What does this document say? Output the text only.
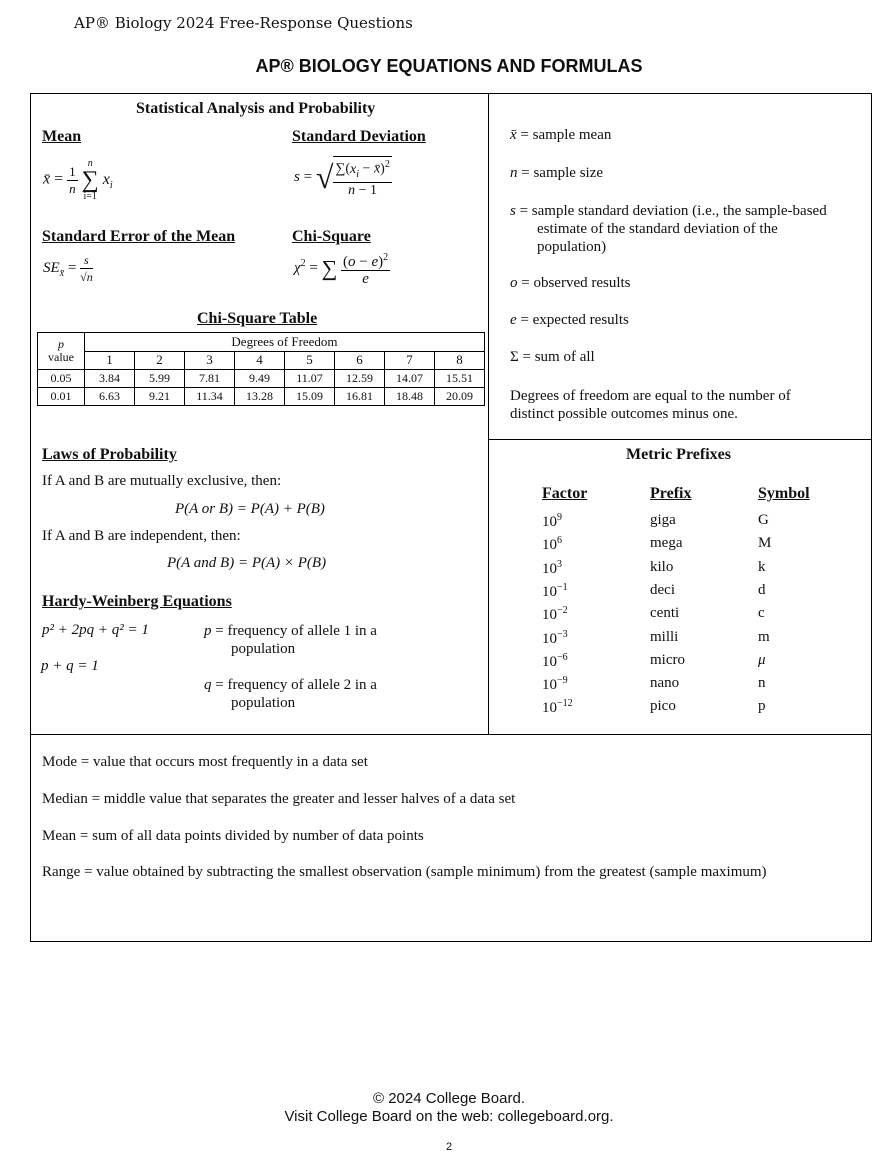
AP® Biology 2024 Free-Response Questions
AP® BIOLOGY EQUATIONS AND FORMULAS
Statistical Analysis and Probability
Mean	Standard Deviation
x̄ = $\frac{1}{n}$ n
∑
i=1 $x_i$
s = √ $\frac{\sum(x_i - x̄)^2}{n - 1}$
Standard Error of the Mean	Chi-Square
$SE_{x̄} = \frac{s}{√n}$	$\chi^2$ = ∑ $\frac{(o - e)^2}{e}$
Chi-Square Table
p
value	Degrees of Freedom							
	1	2	3	4	5	6	7	8
0.05	3.84	5.99	7.81	9.49	11.07	12.59	14.07	15.51
0.01	6.63	9.21	11.34	13.28	15.09	16.81	18.48	20.09
x̄ = sample mean
n = sample size
s = sample standard deviation (i.e., the sample-based
estimate of the standard deviation of the
population)
o = observed results
e = expected results
Σ = sum of all
Degrees of freedom are equal to the number of
distinct possible outcomes minus one.
Laws of Probability
If A and B are mutually exclusive, then:
P(A or B) = P(A) + P(B)
If A and B are independent, then:
P(A and B) = P(A) × P(B)
Hardy-Weinberg Equations
p² + 2pq + q² = 1
p + q = 1
p = frequency of allele 1 in a
population
q = frequency of allele 2 in a
population
Metric Prefixes
Factor	Prefix	Symbol
$10^9$	giga	G
$10^6$	mega	M
$10^3$	kilo	k
$10^{-1}$	deci	d
$10^{-2}$	centi	c
$10^{-3}$	milli	m
$10^{-6}$	micro	μ
$10^{-9}$	nano	n
$10^{-12}$	pico	p
Mode = value that occurs most frequently in a data set
Median = middle value that separates the greater and lesser halves of a data set
Mean = sum of all data points divided by number of data points
Range = value obtained by subtracting the smallest observation (sample minimum) from the greatest (sample maximum)
© 2024 College Board.
Visit College Board on the web: collegeboard.org.
2
